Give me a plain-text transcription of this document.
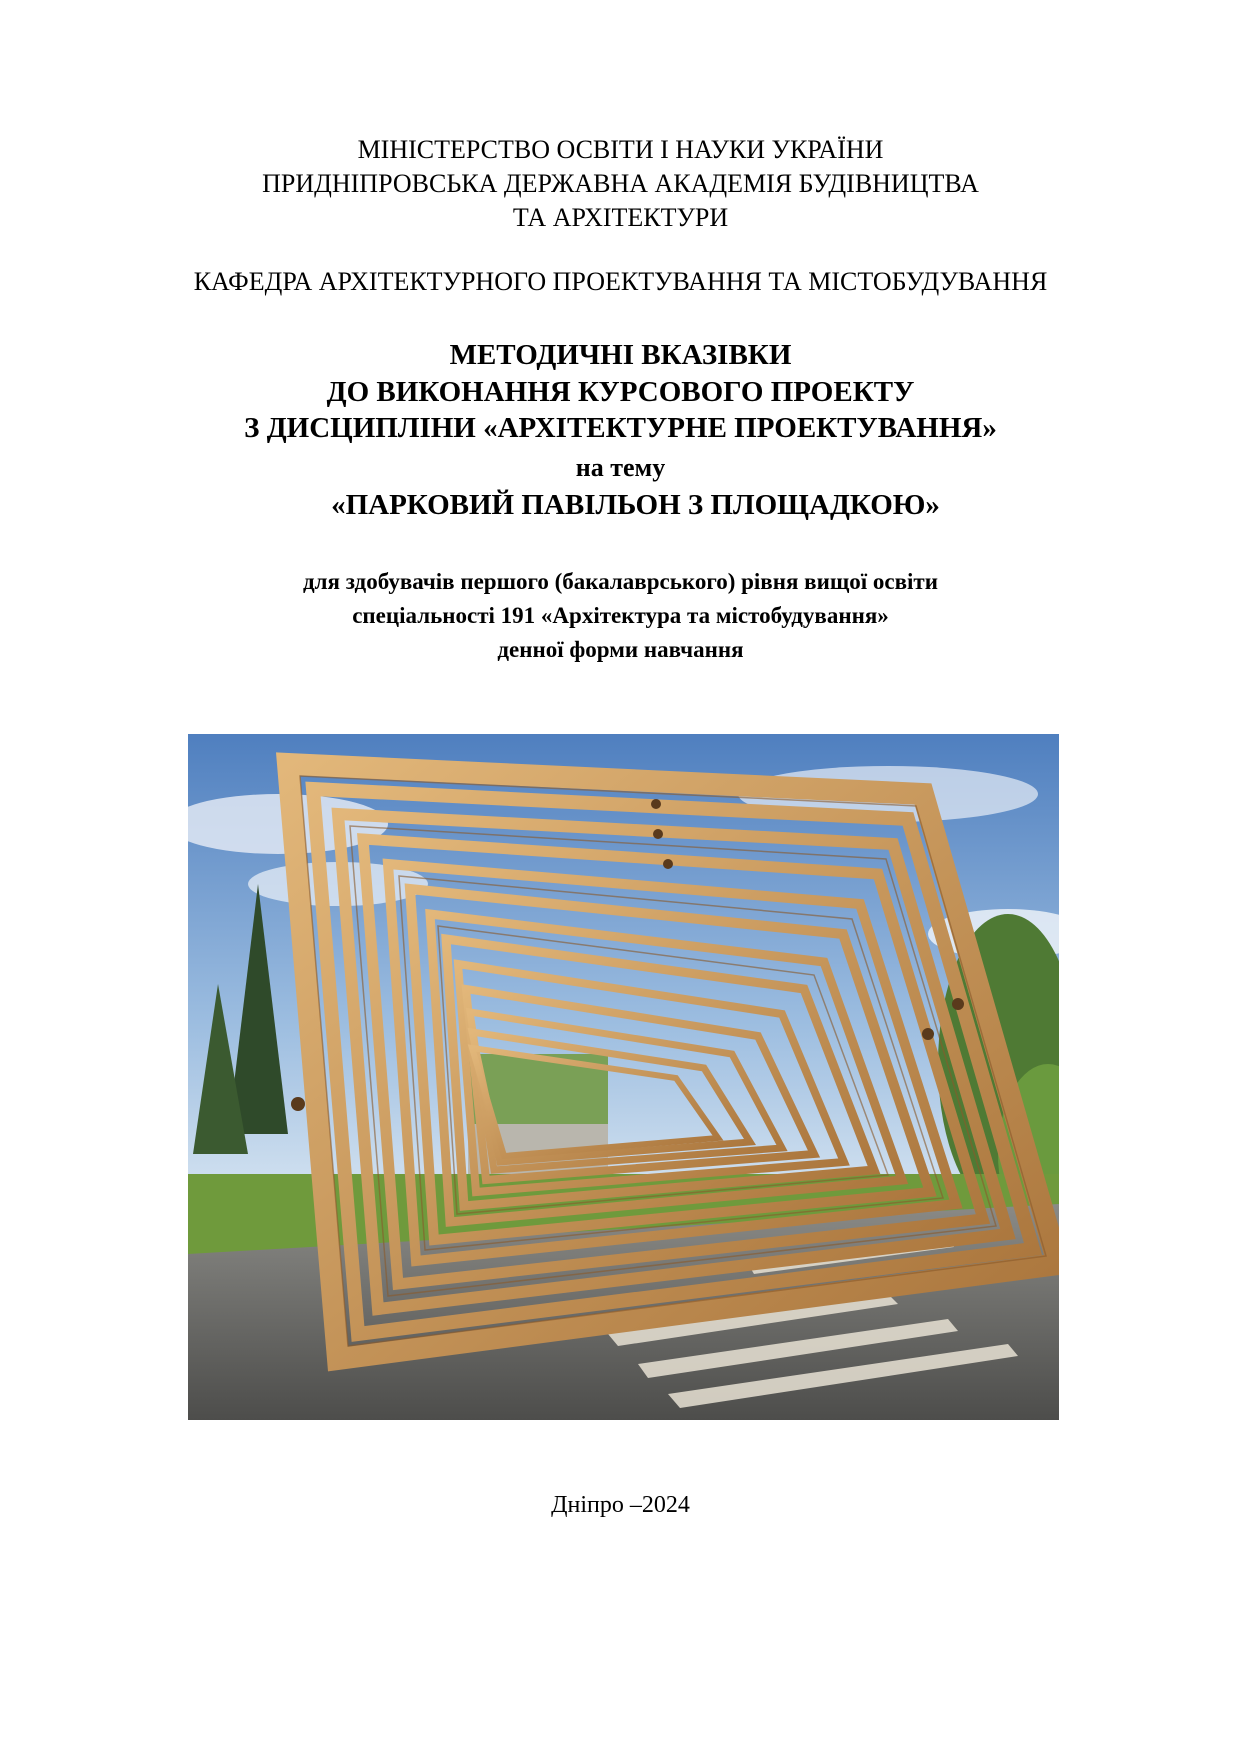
МІНІСТЕРСТВО ОСВІТИ І НАУКИ УКРАЇНИ
ПРИДНІПРОВСЬКА ДЕРЖАВНА АКАДЕМІЯ БУДІВНИЦТВА
ТА АРХІТЕКТУРИ
КАФЕДРА АРХІТЕКТУРНОГО ПРОЕКТУВАННЯ ТА МІСТОБУДУВАННЯ
МЕТОДИЧНІ ВКАЗІВКИ
ДО ВИКОНАННЯ КУРСОВОГО ПРОЕКТУ
З ДИСЦИПЛІНИ «АРХІТЕКТУРНЕ ПРОЕКТУВАННЯ»
на тему
«ПАРКОВИЙ ПАВІЛЬОН З ПЛОЩАДКОЮ»
для здобувачів першого (бакалаврського) рівня вищої освіти
спеціальності 191 «Архітектура та містобудування»
денної форми навчання
Дніпро –2024
